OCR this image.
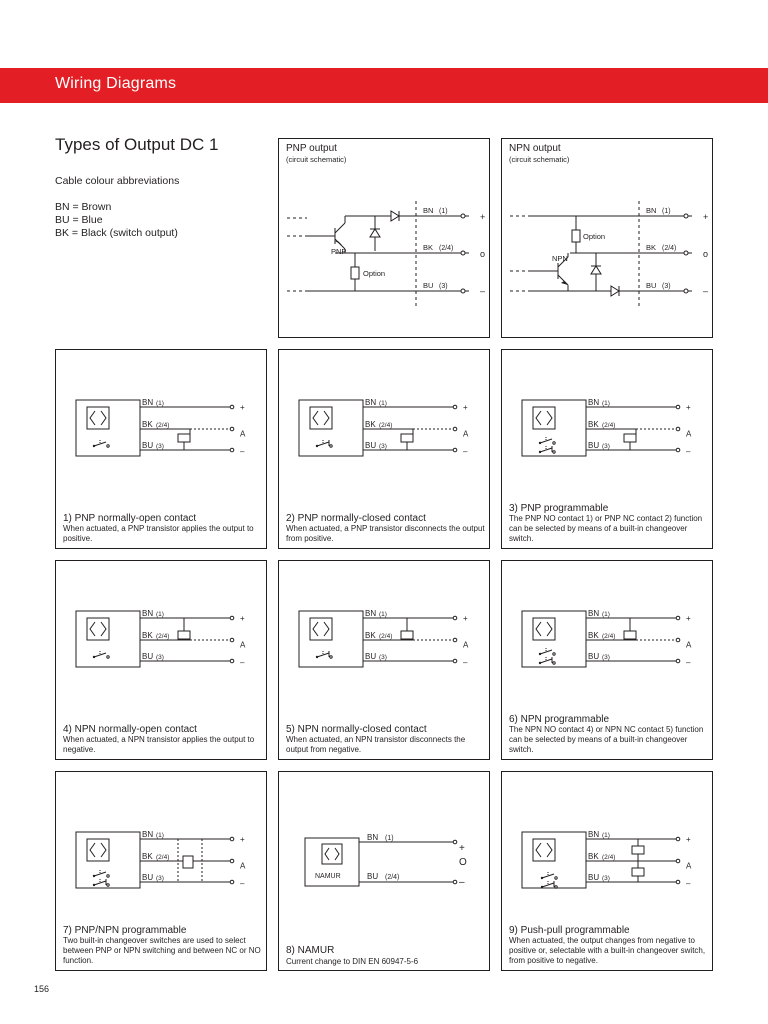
Wiring Diagrams
Types of Output DC 1
Cable colour abbreviations
BN = Brown
BU = Blue
BK = Black (switch output)
PNP output
(circuit schematic)
BN (1)
BK (2/4)
BU (3)
PNP
Option
+
o
–
NPN output
(circuit schematic)
BN (1)
BK (2/4)
BU (3)
NPN
Option
+
o
–
BN (1)
BK (2/4)
BU (3)
+
A
–
1) PNP normally-open contact
When actuated, a PNP transistor applies the output to positive.
BN (1)
BK (2/4)
BU (3)
+
A
–
2) PNP normally-closed contact
When actuated, a PNP transistor disconnects the output from positive.
BN (1)
BK (2/4)
BU (3)
+
A
–
3) PNP programmable
The PNP NO contact 1) or PNP NC contact 2) function can be selected by means of a built-in changeover switch.
BN (1)
BK (2/4)
BU (3)
+
A
–
4) NPN normally-open contact
When actuated, a NPN transistor applies the output to negative.
BN (1)
BK (2/4)
BU (3)
+
A
–
5) NPN normally-closed contact
When actuated, an NPN transistor disconnects the output from negative.
BN (1)
BK (2/4)
BU (3)
+
A
–
6) NPN programmable
The NPN NO contact 4) or NPN NC contact 5) function can be selected by means of a built-in changeover switch.
BN (1)
BK (2/4)
BU (3)
+
A
–
7) PNP/NPN programmable
Two built-in changeover switches are used to select between PNP or NPN switching and between NC or NO function.
NAMUR
BN (1)
BU (2/4)
+
O
–
8) NAMUR
Current change to DIN EN 60947-5-6
BN (1)
BK (2/4)
BU (3)
+
A
–
9) Push-pull programmable
When actuated, the output changes from negative to positive or, selectable with a built-in changeover switch, from positive to negative.
156
